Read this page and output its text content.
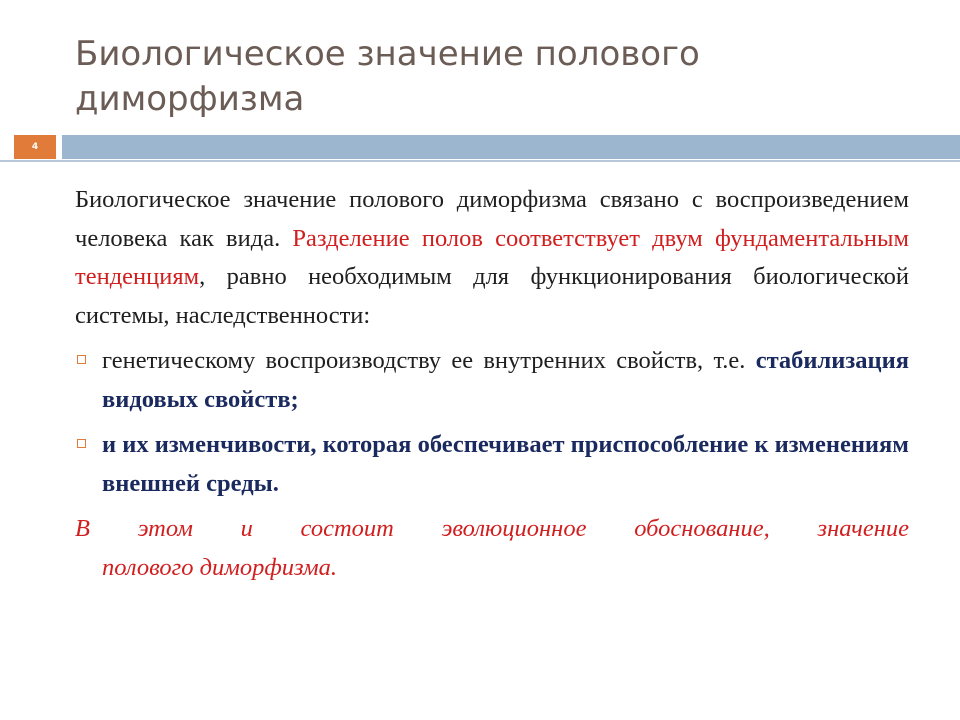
Биологическое значение полового
диморфизма
4

Биологическое значение полового диморфизма связано с воспроизведением человека как вида. Разделение полов соответствует двум фундаментальным тенденциям, равно необходимым для функционирования биологической системы, наследственности:

генетическому воспроизводству ее внутренних свойств, т.е. стабилизация видовых свойств;
и их изменчивости, которая обеспечивает приспособление к изменениям внешней среды.
В этом и состоит эволюционное обоснование, значение
полового диморфизма.
